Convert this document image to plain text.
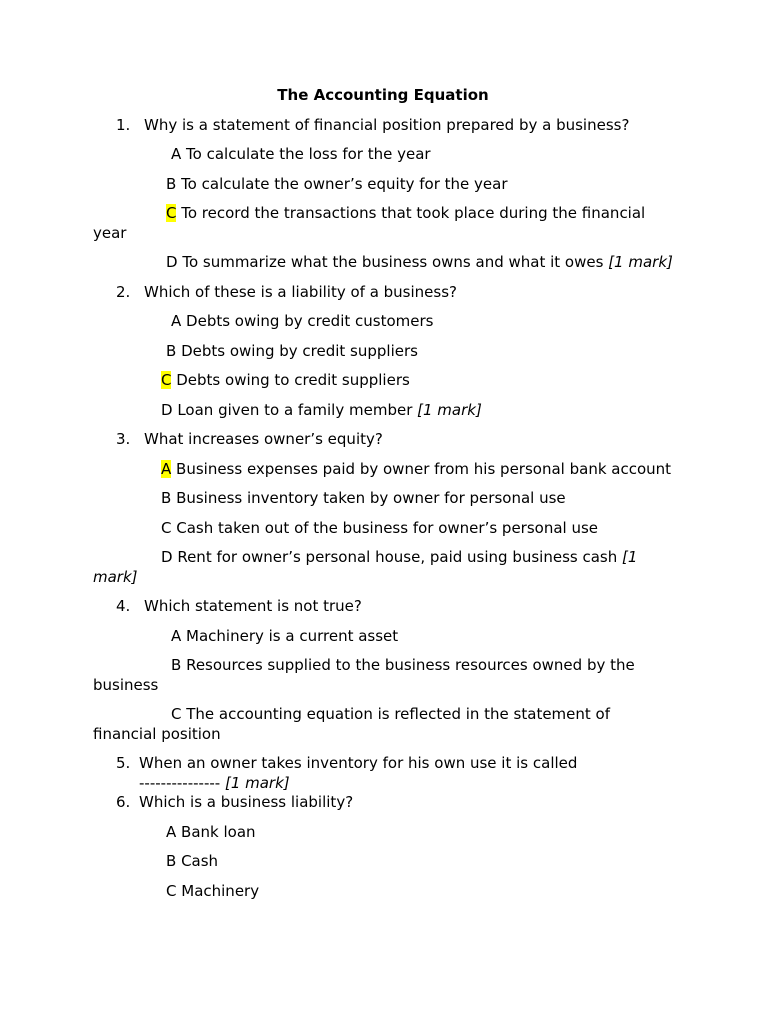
The Accounting Equation
1. Why is a statement of financial position prepared by a business?
A To calculate the loss for the year
B To calculate the owner’s equity for the year
C To record the transactions that took place during the financial year
D To summarize what the business owns and what it owes [1 mark]
2. Which of these is a liability of a business?
A Debts owing by credit customers
B Debts owing by credit suppliers
C Debts owing to credit suppliers
D Loan given to a family member [1 mark]
3. What increases owner’s equity?
A Business expenses paid by owner from his personal bank account
B Business inventory taken by owner for personal use
C Cash taken out of the business for owner’s personal use
D Rent for owner’s personal house, paid using business cash [1 mark]
4. Which statement is not true?
A Machinery is a current asset
B Resources supplied to the business resources owned by the business
C The accounting equation is reflected in the statement of financial position
5. When an owner takes inventory for his own use it is called
--------------- [1 mark]
6. Which is a business liability?
A Bank loan
B Cash
C Machinery
